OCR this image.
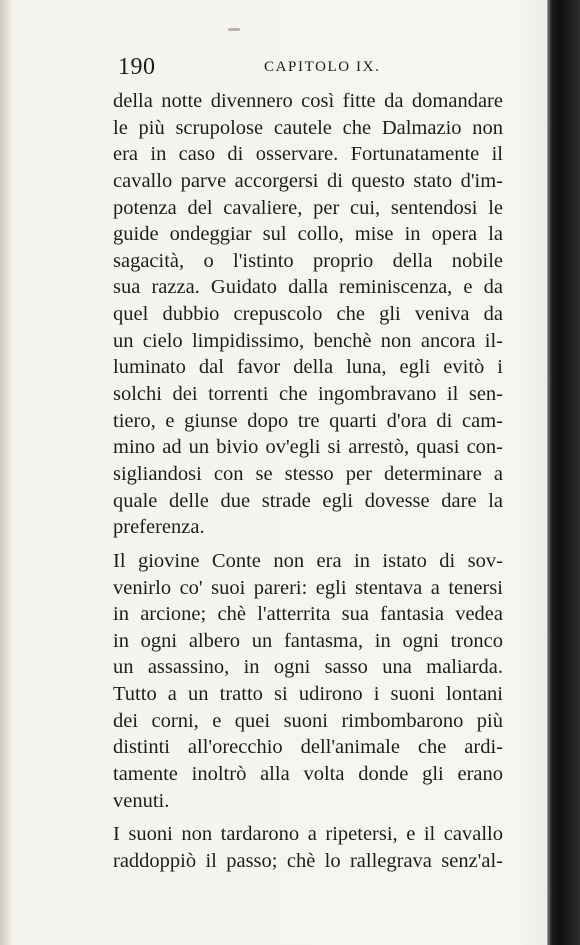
190	CAPITOLO IX.
della notte divennero così fitte da domandare
le più scrupolose cautele che Dalmazio non
era in caso di osservare. Fortunatamente il
cavallo parve accorgersi di questo stato d'im-
potenza del cavaliere, per cui, sentendosi le
guide ondeggiar sul collo, mise in opera la
sagacità, o l'istinto proprio della nobile
sua razza. Guidato dalla reminiscenza, e da
quel dubbio crepuscolo che gli veniva da
un cielo limpidissimo, benchè non ancora il-
luminato dal favor della luna, egli evitò i
solchi dei torrenti che ingombravano il sen-
tiero, e giunse dopo tre quarti d'ora di cam-
mino ad un bivio ov'egli si arrestò, quasi con-
sigliandosi con se stesso per determinare a
quale delle due strade egli dovesse dare la
preferenza.
Il giovine Conte non era in istato di sov-
venirlo co' suoi pareri: egli stentava a tenersi
in arcione; chè l'atterrita sua fantasia vedea
in ogni albero un fantasma, in ogni tronco
un assassino, in ogni sasso una maliarda.
Tutto a un tratto si udirono i suoni lontani
dei corni, e quei suoni rimbombarono più
distinti all'orecchio dell'animale che ardi-
tamente inoltrò alla volta donde gli erano
venuti.
I suoni non tardarono a ripetersi, e il cavallo
raddoppiò il passo; chè lo rallegrava senz'al-
